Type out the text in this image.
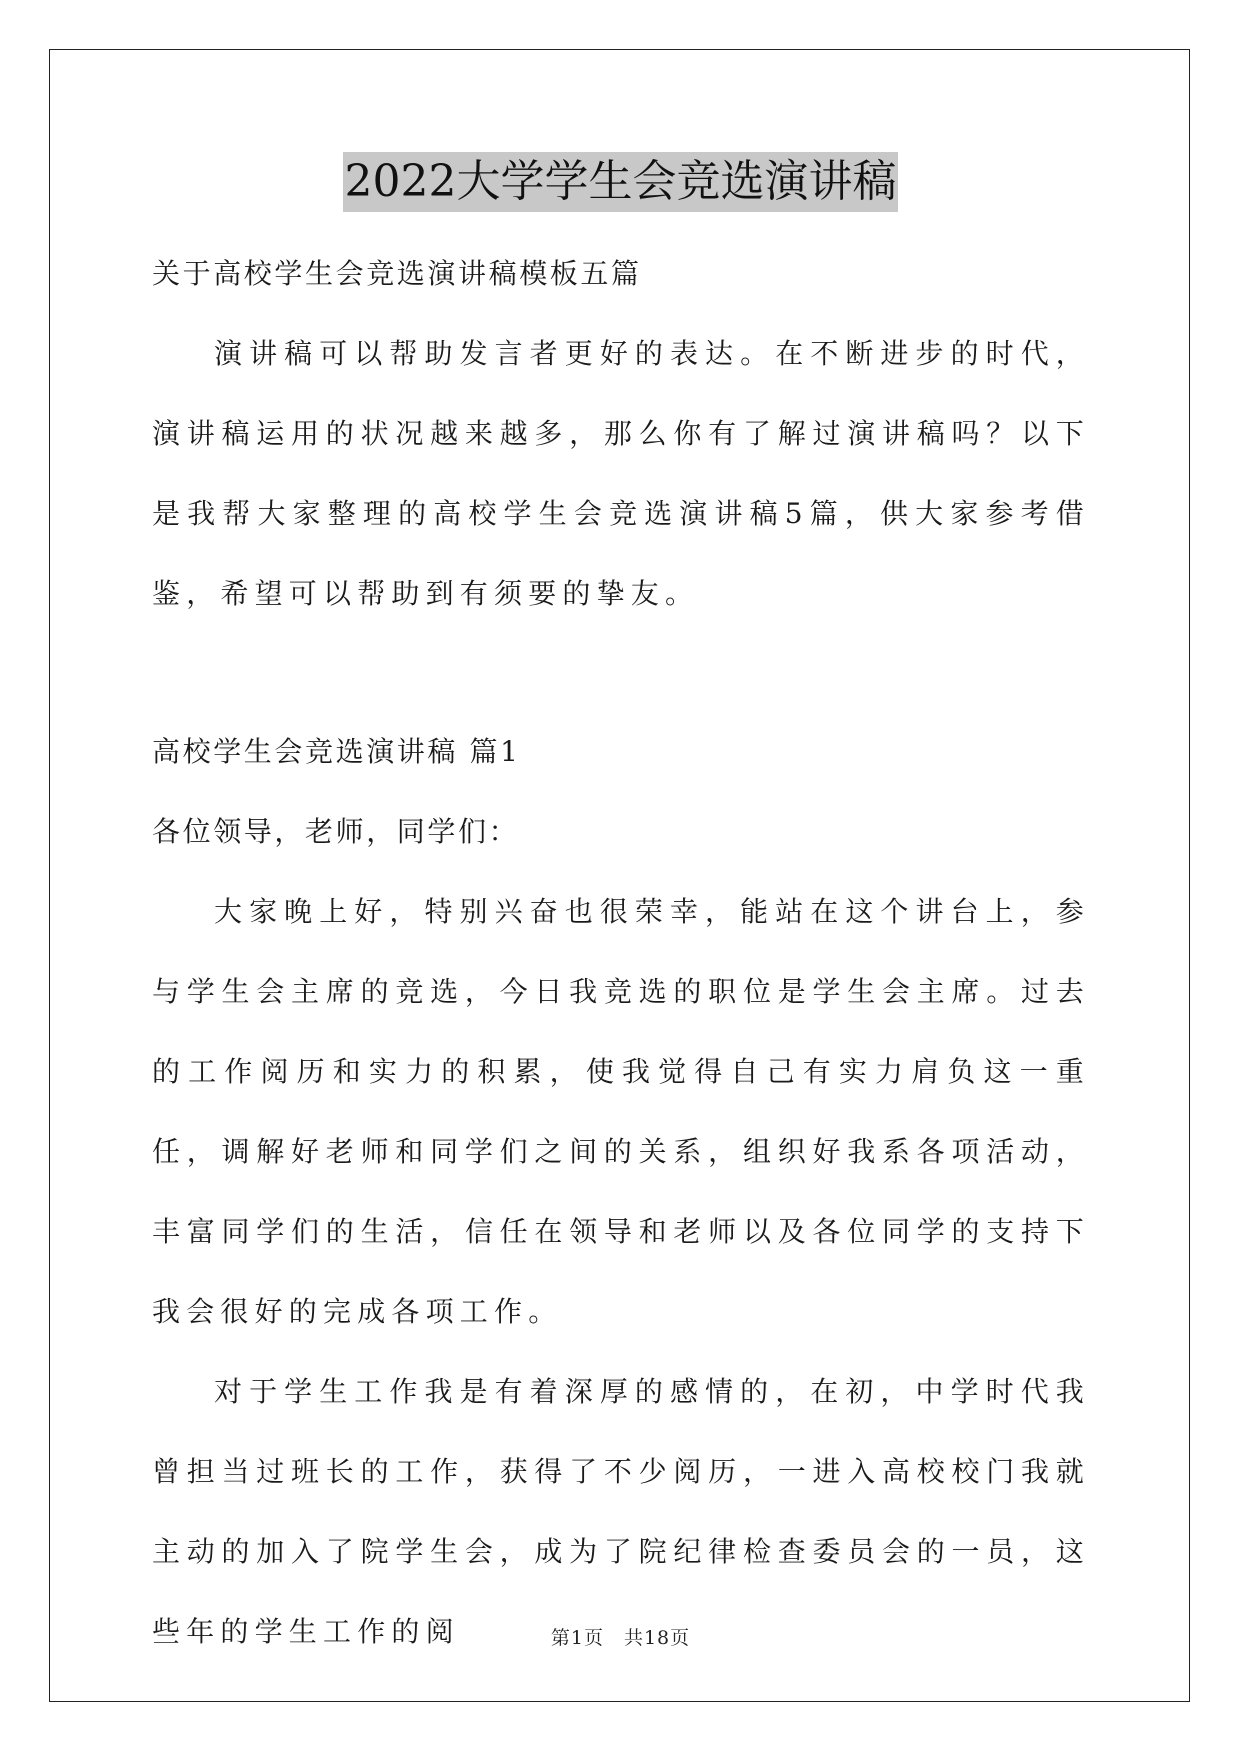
2022大学学生会竞选演讲稿
关于高校学生会竞选演讲稿模板五篇
演讲稿可以帮助发言者更好的表达。在不断进步的时代，演讲稿运用的状况越来越多，那么你有了解过演讲稿吗？以下是我帮大家整理的高校学生会竞选演讲稿5篇，供大家参考借鉴，希望可以帮助到有须要的挚友。
高校学生会竞选演讲稿 篇1
各位领导，老师，同学们：
大家晚上好，特别兴奋也很荣幸，能站在这个讲台上，参与学生会主席的竞选，今日我竞选的职位是学生会主席。过去的工作阅历和实力的积累，使我觉得自己有实力肩负这一重任，调解好老师和同学们之间的关系，组织好我系各项活动，丰富同学们的生活，信任在领导和老师以及各位同学的支持下我会很好的完成各项工作。
对于学生工作我是有着深厚的感情的，在初，中学时代我曾担当过班长的工作，获得了不少阅历，一进入高校校门我就主动的加入了院学生会，成为了院纪律检查委员会的一员，这些年的学生工作的阅	第1页　共18页
